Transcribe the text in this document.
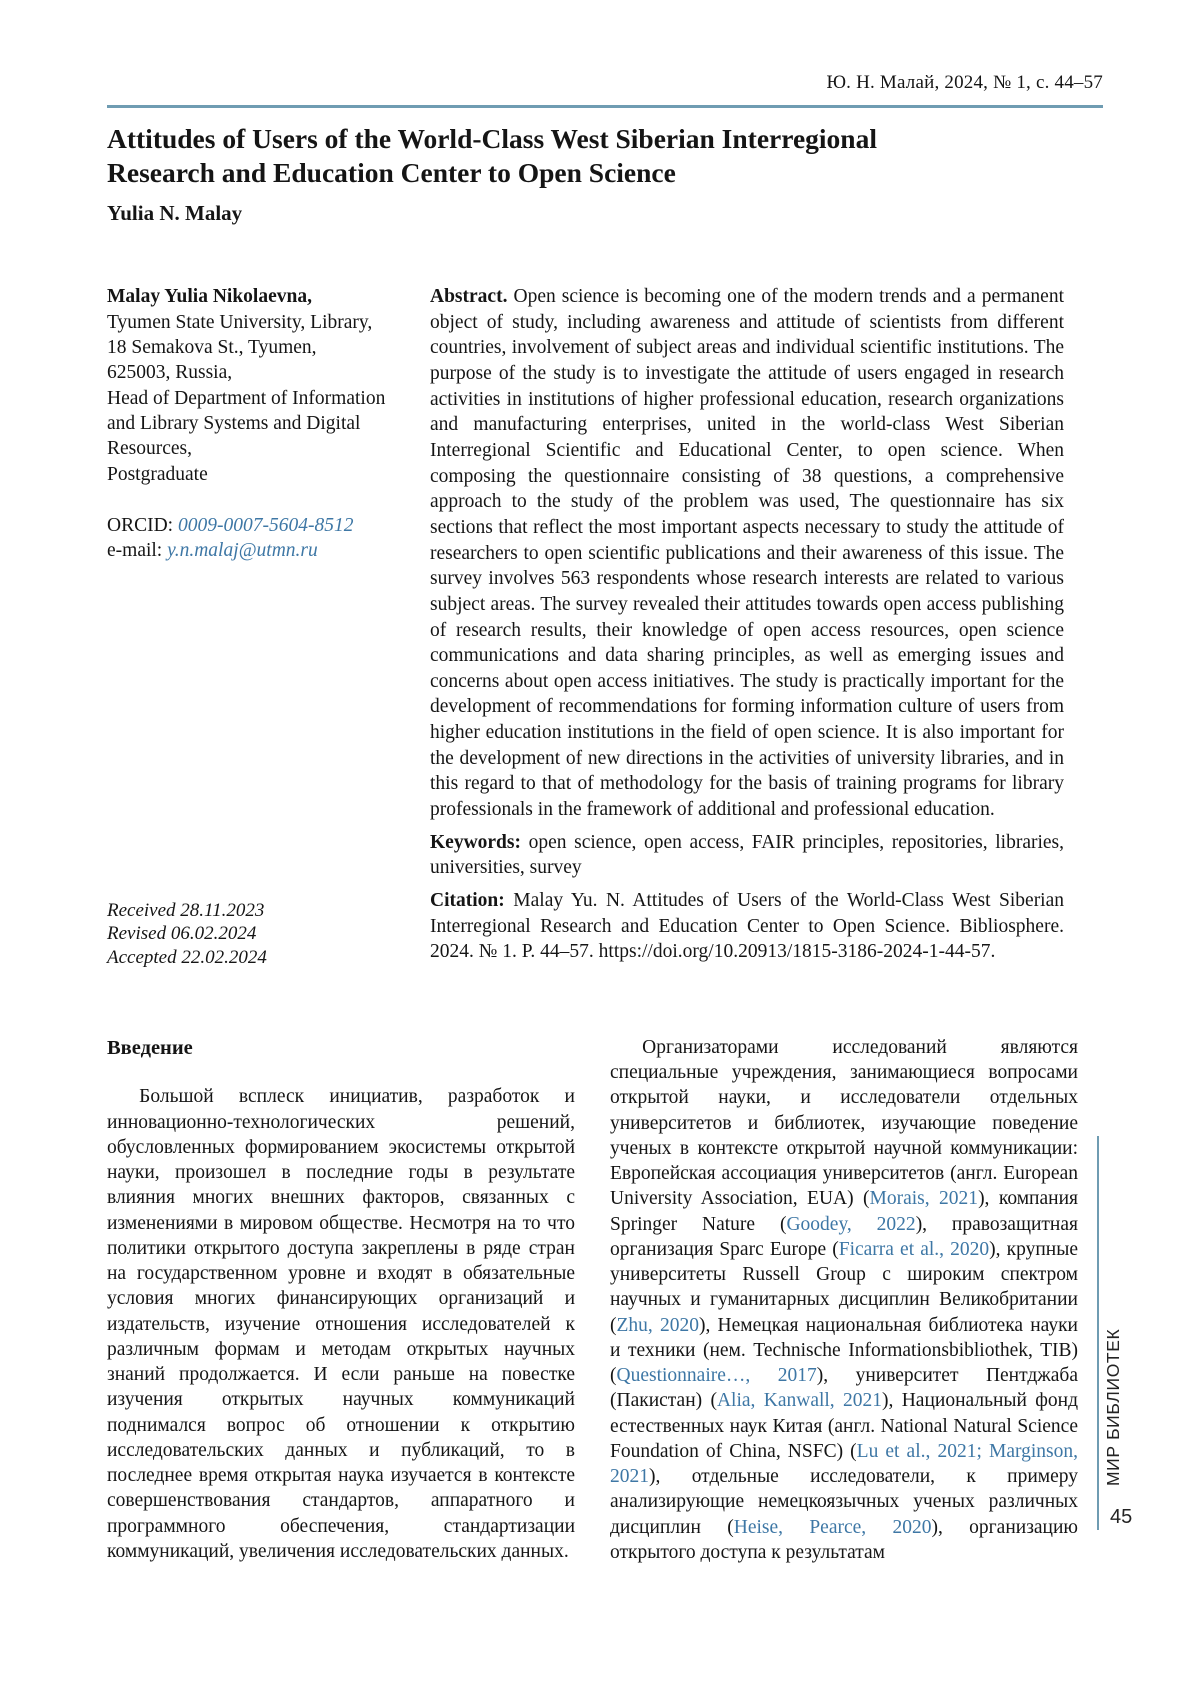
Ю. Н. Малай, 2024, № 1, с. 44–57
Attitudes of Users of the World-Class West Siberian Interregional Research and Education Center to Open Science
Yulia N. Malay
Malay Yulia Nikolaevna,
Tyumen State University, Library,
18 Semakova St., Tyumen,
625003, Russia,
Head of Department of Information and Library Systems and Digital Resources,
Postgraduate
ORCID: 0009-0007-5604-8512
e-mail: y.n.malaj@utmn.ru
Received 28.11.2023
Revised 06.02.2024
Accepted 22.02.2024

Abstract. Open science is becoming one of the modern trends and a permanent object of study, including awareness and attitude of scientists from different countries, involvement of subject areas and individual scientific institutions. The purpose of the study is to investigate the attitude of users engaged in research activities in institutions of higher professional education, research organizations and manufacturing enterprises, united in the world-class West Siberian Interregional Scientific and Educational Center, to open science. When composing the questionnaire consisting of 38 questions, a comprehensive approach to the study of the problem was used, The questionnaire has six sections that reflect the most important aspects necessary to study the attitude of researchers to open scientific publications and their awareness of this issue. The survey involves 563 respondents whose research interests are related to various subject areas. The survey revealed their attitudes towards open access publishing of research results, their knowledge of open access resources, open science communications and data sharing principles, as well as emerging issues and concerns about open access initiatives. The study is practically important for the development of recommendations for forming information culture of users from higher education institutions in the field of open science. It is also important for the development of new directions in the activities of university libraries, and in this regard to that of methodology for the basis of training programs for library professionals in the framework of additional and professional education.

Keywords: open science, open access, FAIR principles, repositories, libraries, universities, survey

Citation: Malay Yu. N. Attitudes of Users of the World-Class West Siberian Interregional Research and Education Center to Open Science. Bibliosphere. 2024. № 1. P. 44–57. https://doi.org/10.20913/1815-3186-2024-1-44-57.

Введение

Большой всплеск инициатив, разработок и инновационно-технологических решений, обусловленных формированием экосистемы открытой науки, произошел в последние годы в результате влияния многих внешних факторов, связанных с изменениями в мировом обществе. Несмотря на то что политики открытого доступа закреплены в ряде стран на государственном уровне и входят в обязательные условия многих финансирующих организаций и издательств, изучение отношения исследователей к различным формам и методам открытых научных знаний продолжается. И если раньше на повестке изучения открытых научных коммуникаций поднимался вопрос об отношении к открытию исследовательских данных и публикаций, то в последнее время открытая наука изучается в контексте совершенствования стандартов, аппаратного и программного обеспечения, стандартизации коммуникаций, увеличения исследовательских данных.

Организаторами исследований являются специальные учреждения, занимающиеся вопросами открытой науки, и исследователи отдельных университетов и библиотек, изучающие поведение ученых в контексте открытой научной коммуникации: Европейская ассоциация университетов (англ. European University Association, EUA) (Morais, 2021), компания Springer Nature (Goodey, 2022), правозащитная организация Sparc Europe (Ficarra et al., 2020), крупные университеты Russell Group с широким спектром научных и гуманитарных дисциплин Великобритании (Zhu, 2020), Немецкая национальная библиотека науки и техники (нем. Technische Informationsbibliothek, TIB) (Questionnaire…, 2017), университет Пентджаба (Пакистан) (Alia, Kanwall, 2021), Национальный фонд естественных наук Китая (англ. National Natural Science Foundation of China, NSFC) (Lu et al., 2021; Marginson, 2021), отдельные исследователи, к примеру анализирующие немецкоязычных ученых различных дисциплин (Heise, Pearce, 2020), организацию открытого доступа к результатам

МИР БИБЛИОТЕК
45
